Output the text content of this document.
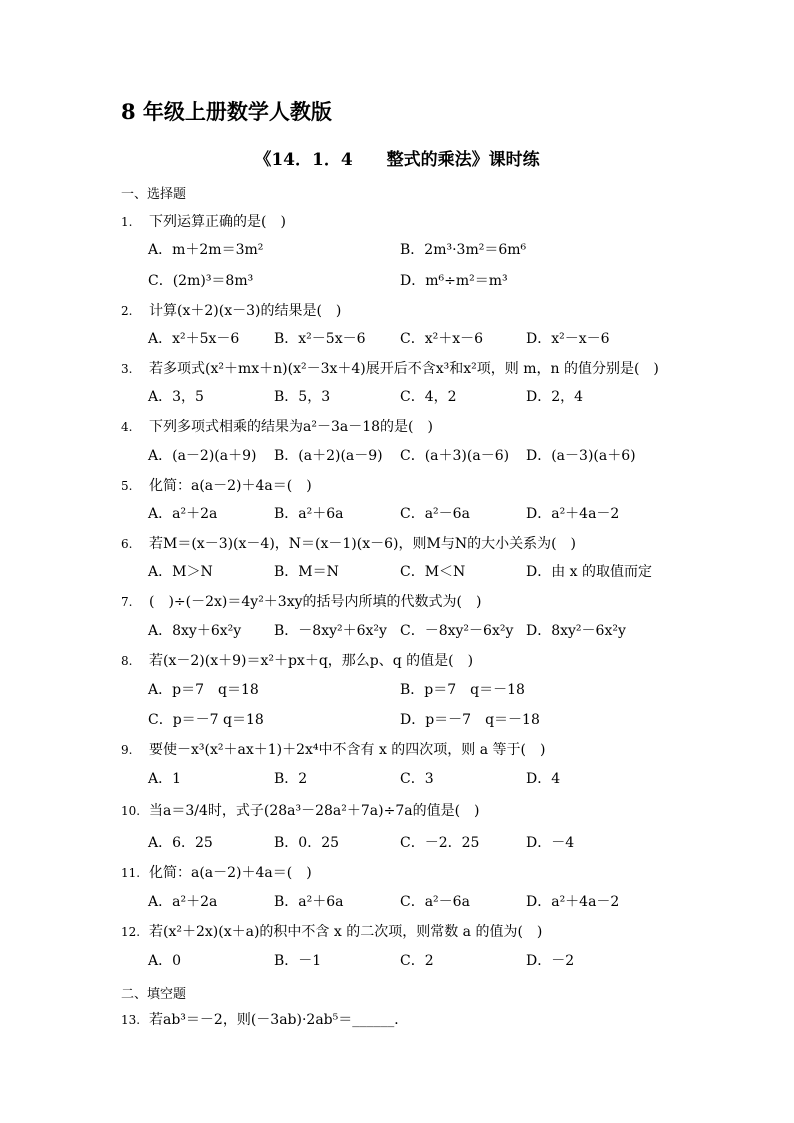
8 年级上册数学人教版
《14．1．4　　整式的乘法》课时练
一、选择题
1. 下列运算正确的是(　)
A．m＋2m＝3m²	B．2m³·3m²＝6m⁶
C．(2m)³＝8m³	D．m⁶÷m²＝m³
2. 计算(x＋2)(x－3)的结果是(　)
A．x²＋5x－6 B．x²－5x－6 C．x²＋x－6	D．x²－x－6
3. 若多项式(x²＋mx＋n)(x²－3x＋4)展开后不含x³和x²项，则 m，n 的值分别是(　)
A．3，5	B．5，3	C．4，2	D．2，4
4. 下列多项式相乘的结果为a²－3a－18的是(　)
A．(a－2)(a＋9) B．(a＋2)(a－9) C．(a＋3)(a－6) D．(a－3)(a＋6)
5. 化简：a(a－2)＋4a＝(　)
A．a²＋2a	B．a²＋6a	C．a²－6a	D．a²＋4a－2
6. 若M＝(x－3)(x－4)，N＝(x－1)(x－6)，则M与N的大小关系为(　)
A．M＞N	B．M＝N	C．M＜N	D．由 x 的取值而定
7. (　)÷(－2x)＝4y²＋3xy的括号内所填的代数式为(　)
A．8xy＋6x²y B．－8xy²＋6x²y C．－8xy²－6x²y D．8xy²－6x²y
8. 若(x－2)(x＋9)＝x²＋px＋q，那么p、q 的值是(　)
A．p＝7　q＝18	B．p＝7　q＝－18
C．p＝－7 q＝18	D．p＝－7　q＝－18
9. 要使－x³(x²＋ax＋1)＋2x⁴中不含有 x 的四次项，则 a 等于(　)
A．1	B．2	C．3	D．4
10. 当a＝3/4时，式子(28a³－28a²＋7a)÷7a的值是(　)
A．6．25	B．0．25	C．－2．25	D．－4
11. 化简：a(a－2)＋4a＝(　)
A．a²＋2a	B．a²＋6a	C．a²－6a	D．a²＋4a－2
12. 若(x²＋2x)(x＋a)的积中不含 x 的二次项，则常数 a 的值为(　)
A．0	B．－1	C．2	D．－2
二、填空题
13. 若ab³＝－2，则(－3ab)·2ab⁵＝______．
